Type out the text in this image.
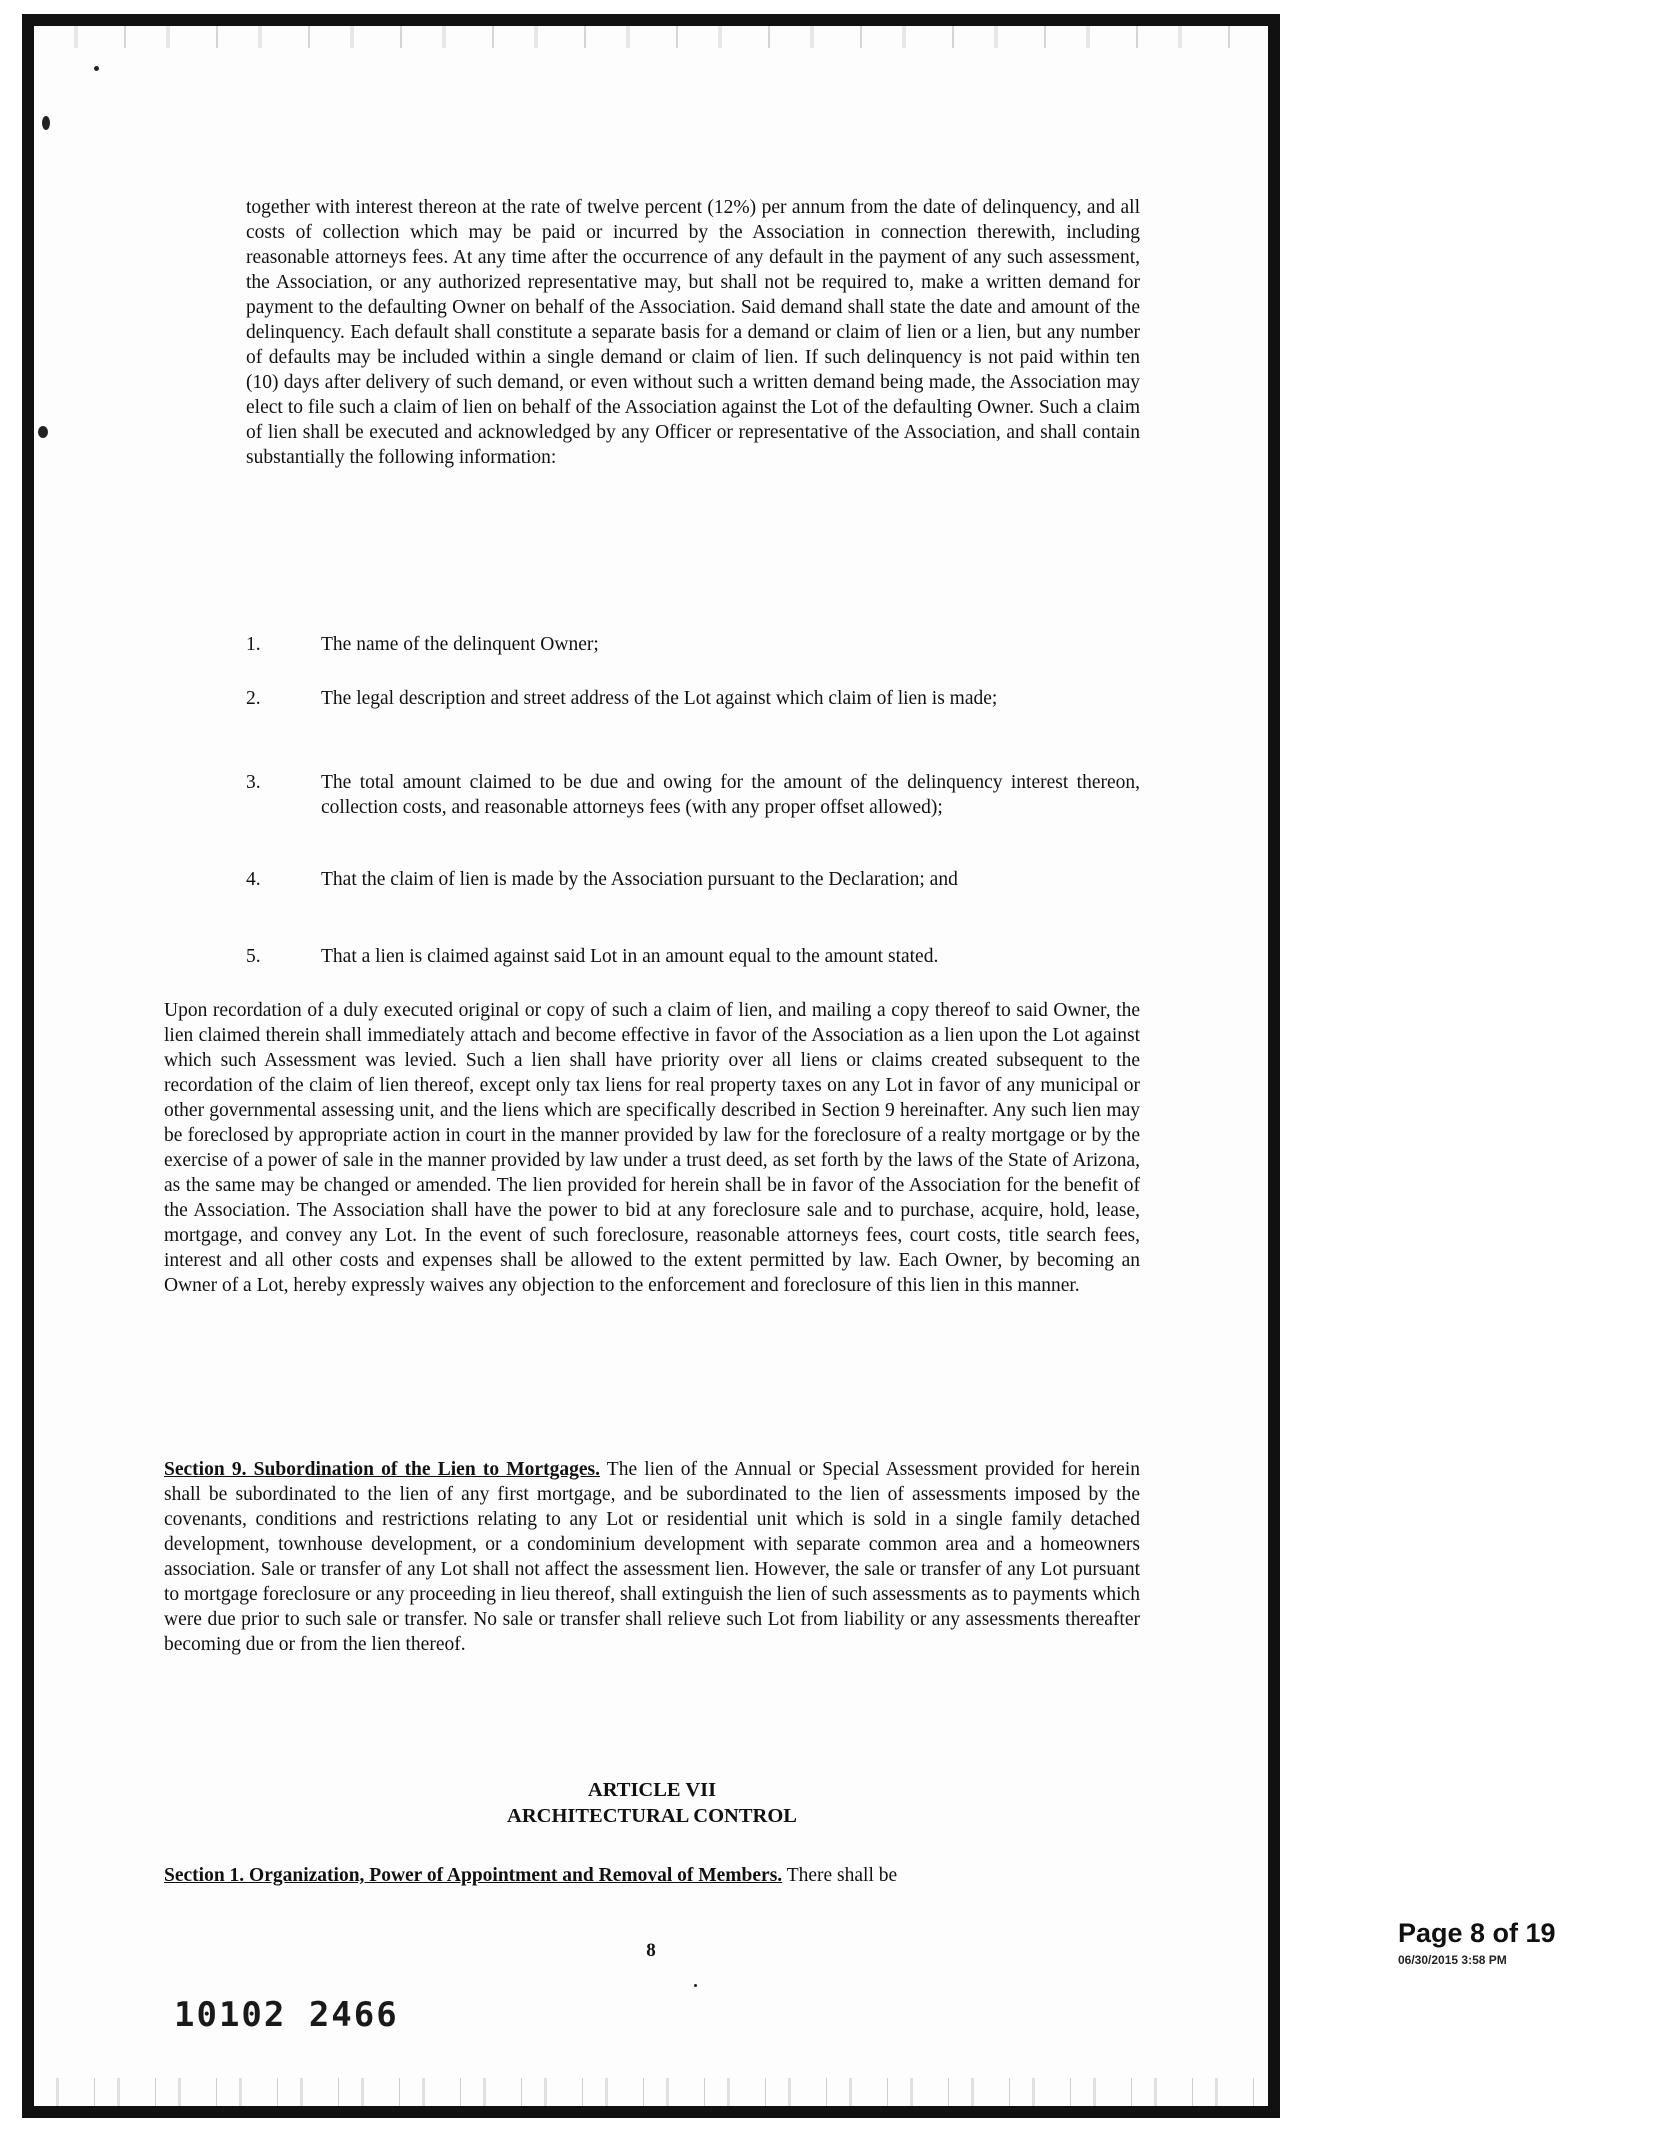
together with interest thereon at the rate of twelve percent (12%) per annum from the date of delinquency, and all costs of collection which may be paid or incurred by the Association in connection therewith, including reasonable attorneys fees. At any time after the occurrence of any default in the payment of any such assessment, the Association, or any authorized representative may, but shall not be required to, make a written demand for payment to the defaulting Owner on behalf of the Association. Said demand shall state the date and amount of the delinquency. Each default shall constitute a separate basis for a demand or claim of lien or a lien, but any number of defaults may be included within a single demand or claim of lien. If such delinquency is not paid within ten (10) days after delivery of such demand, or even without such a written demand being made, the Association may elect to file such a claim of lien on behalf of the Association against the Lot of the defaulting Owner. Such a claim of lien shall be executed and acknowledged by any Officer or representative of the Association, and shall contain substantially the following information:

1.	The name of the delinquent Owner;
2.	The legal description and street address of the Lot against which claim of lien is made;
3.	The total amount claimed to be due and owing for the amount of the delinquency interest thereon, collection costs, and reasonable attorneys fees (with any proper offset allowed);
4.	That the claim of lien is made by the Association pursuant to the Declaration; and
5.	That a lien is claimed against said Lot in an amount equal to the amount stated.

Upon recordation of a duly executed original or copy of such a claim of lien, and mailing a copy thereof to said Owner, the lien claimed therein shall immediately attach and become effective in favor of the Association as a lien upon the Lot against which such Assessment was levied. Such a lien shall have priority over all liens or claims created subsequent to the recordation of the claim of lien thereof, except only tax liens for real property taxes on any Lot in favor of any municipal or other governmental assessing unit, and the liens which are specifically described in Section 9 hereinafter. Any such lien may be foreclosed by appropriate action in court in the manner provided by law for the foreclosure of a realty mortgage or by the exercise of a power of sale in the manner provided by law under a trust deed, as set forth by the laws of the State of Arizona, as the same may be changed or amended. The lien provided for herein shall be in favor of the Association for the benefit of the Association. The Association shall have the power to bid at any foreclosure sale and to purchase, acquire, hold, lease, mortgage, and convey any Lot. In the event of such foreclosure, reasonable attorneys fees, court costs, title search fees, interest and all other costs and expenses shall be allowed to the extent permitted by law. Each Owner, by becoming an Owner of a Lot, hereby expressly waives any objection to the enforcement and foreclosure of this lien in this manner.

Section 9. Subordination of the Lien to Mortgages. The lien of the Annual or Special Assessment provided for herein shall be subordinated to the lien of any first mortgage, and be subordinated to the lien of assessments imposed by the covenants, conditions and restrictions relating to any Lot or residential unit which is sold in a single family detached development, townhouse development, or a condominium development with separate common area and a homeowners association. Sale or transfer of any Lot shall not affect the assessment lien. However, the sale or transfer of any Lot pursuant to mortgage foreclosure or any proceeding in lieu thereof, shall extinguish the lien of such assessments as to payments which were due prior to such sale or transfer. No sale or transfer shall relieve such Lot from liability or any assessments thereafter becoming due or from the lien thereof.

ARTICLE VII
ARCHITECTURAL CONTROL

Section 1. Organization, Power of Appointment and Removal of Members. There shall be

8
10102 2466
Page 8 of 19
06/30/2015 3:58 PM
